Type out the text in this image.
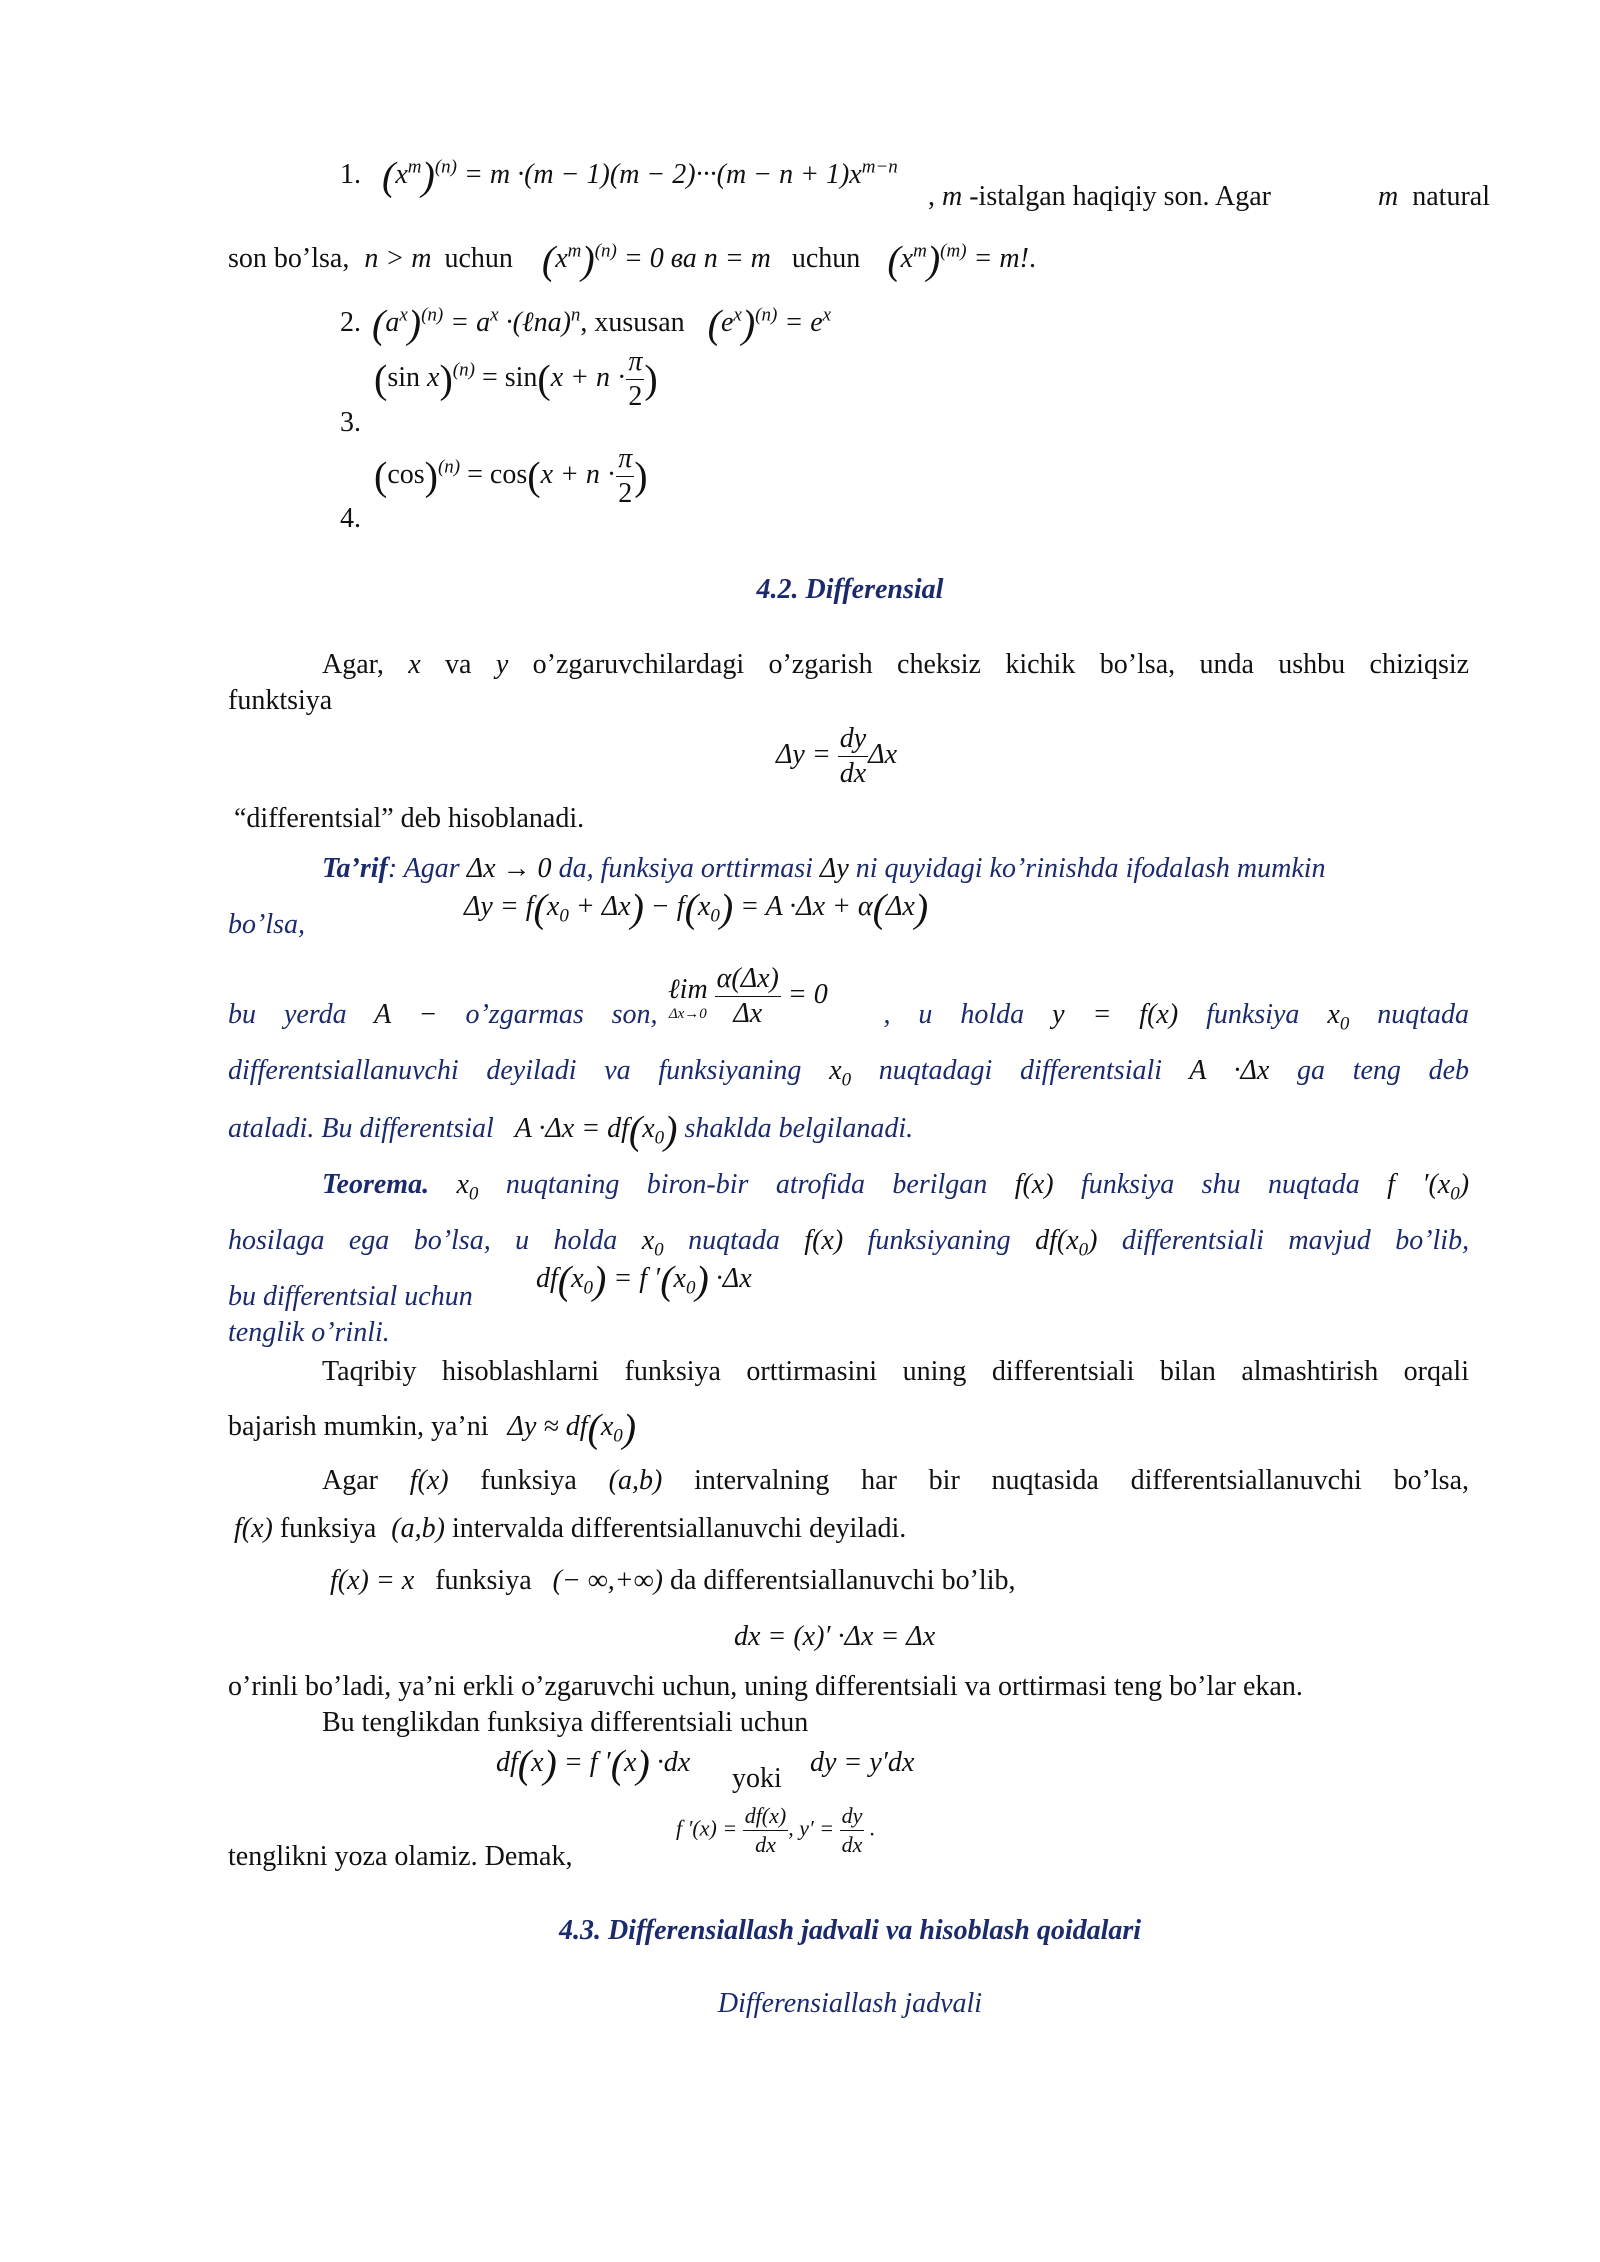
1. $(x^m)^{(n)} = m \cdot(m - 1)(m - 2)\cdot\cdot\cdot(m - n + 1)x^{m-n}$
, m -istalgan haqiqiy son. Agar	m natural
son bo’lsa, n > m uchun $(x^m)^{(n)} = 0$ ва n = m uchun $(x^m)^{(m)} = m$!.
2. $(a^x)^{(n)} = a^x$ ·(ℓna)$^n$, xususan $(e^x)^{(n)} = e^x$
(sin $x)^{(n)} = \sin(x + n \cdot \frac{\pi}{2}$ )
3.
$(\cos)^{(n)} = \cos(x + n \cdot \frac{\pi}{2}$ )
4.
4.2. Differensial
Agar, x va y o’zgaruvchilardagi o’zgarish cheksiz kichik bo’lsa, unda ushbu chiziqsiz
funktsiya
$\Delta y = \frac{dy}{dx}$ Δx
“differentsial” deb hisoblanadi.
Ta’rif: Agar Δx → 0 da, funksiya orttirmasi Δy ni quyidagi ko’rinishda ifodalash mumkin
bo’lsa,
$\Delta y = f(x_0 + \Delta x) - f(x_0) = A \cdot\Delta x + \alpha(\Delta x)$
ℓim
Δx→0
$\frac{\alpha(\Delta x)}{\Delta x} = 0$
bu yerda A − o’zgarmas son,	, u holda y = f(x) funksiya $x_0$ nuqtada
differentsiallanuvchi deyiladi va funksiyaning $x_0$ nuqtadagi differentsiali A ·Δx ga teng deb
ataladi. Bu differentsial $A \cdot\Delta x = df(x_0)$ shaklda belgilanadi.
Teorema. $x_0$ nuqtaning biron-bir atrofida berilgan f(x) funksiya shu nuqtada f $'(x_0)$
hosilaga ega bo’lsa, u holda $x_0$ nuqtada f(x) funksiyaning $df(x_0)$ differentsiali mavjud bo’lib,
bu differentsial uchun
$df(x_0) = f$ $'(x_0) \cdot\Delta x$
tenglik o’rinli.
Taqribiy hisoblashlarni funksiya orttirmasini uning differentsiali bilan almashtirish orqali
bajarish mumkin, ya’ni $\Delta y \approx df(x_0)$
Agar f(x) funksiya (a,b) intervalning har bir nuqtasida differentsiallanuvchi bo’lsa,
f(x) funksiya (a,b) intervalda differentsiallanuvchi deyiladi.
f(x) = x funksiya (− ∞,+∞) da differentsiallanuvchi bo’lib,
dx = (x)′ ·Δx = Δx
o’rinli bo’ladi, ya’ni erkli o’zgaruvchi uchun, uning differentsiali va orttirmasi teng bo’lar ekan.
Bu tenglikdan funksiya differentsiali uchun
df(x) = f ′(x) ·dx
yoki
dy = y′dx
tenglikni yoza olamiz. Demak,
f $'(x) = \frac{df(x)}{dx}$ , $y' = \frac{dy}{dx}$ .
4.3. Differensiallash jadvali va hisoblash qoidalari
Differensiallash jadvali
